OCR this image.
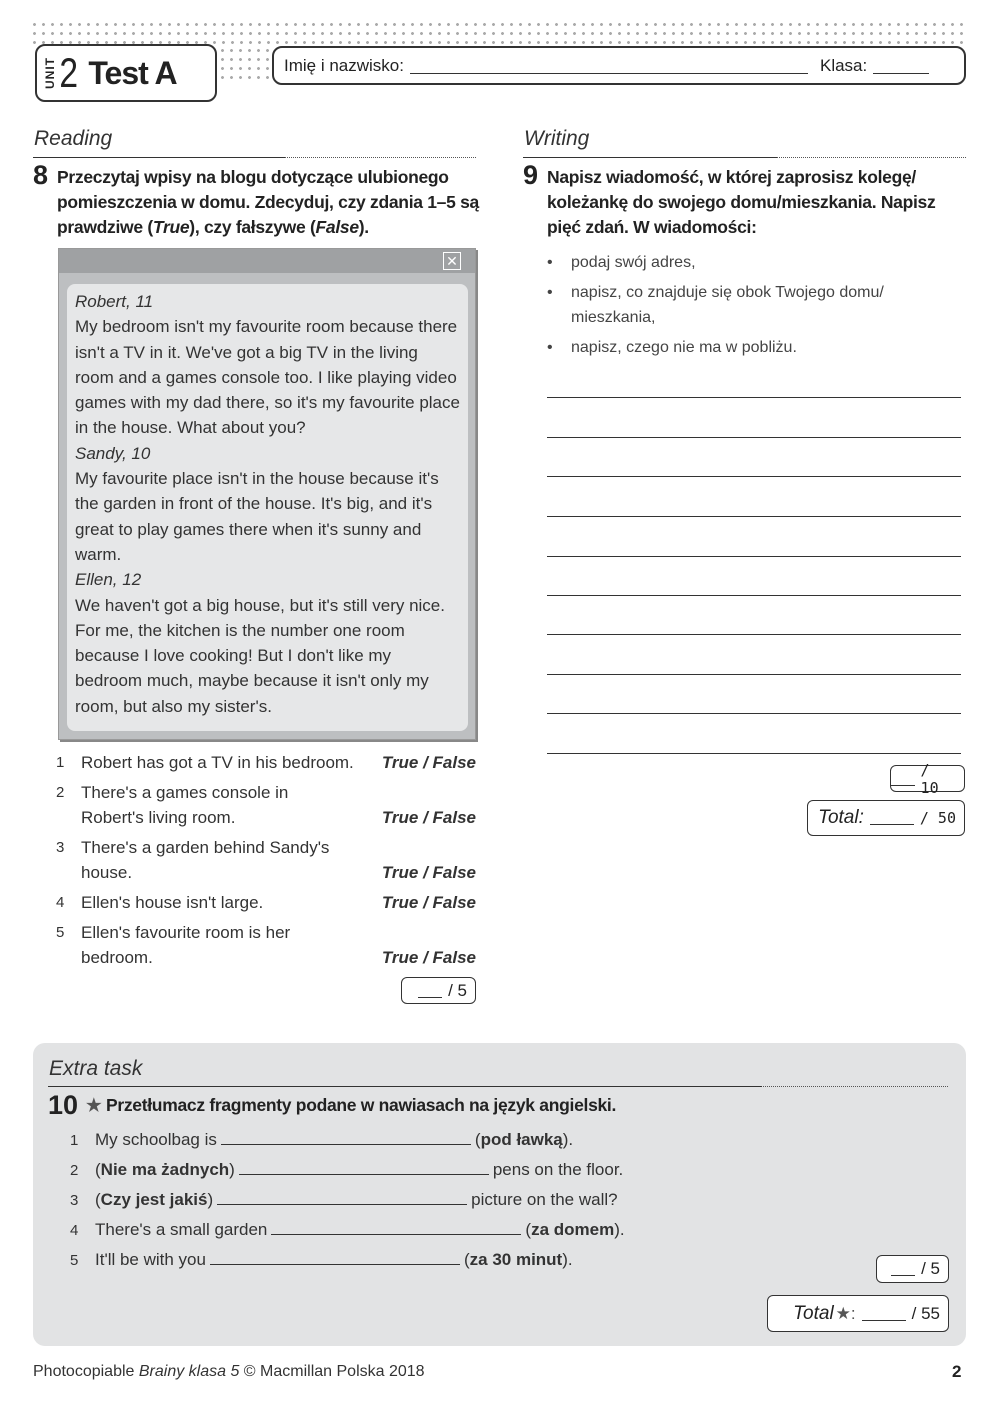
UNIT 2 Test A	Imię i nazwisko:	Klasa:
Reading
8 Przeczytaj wpisy na blogu dotyczące ulubionego pomieszczenia w domu. Zdecyduj, czy zdania 1–5 są prawdziwe (True), czy fałszywe (False).
✕
Robert, 11
My bedroom isn't my favourite room because there isn't a TV in it. We've got a big TV in the living room and a games console too. I like playing video games with my dad there, so it's my favourite place in the house. What about you?
Sandy, 10
My favourite place isn't in the house because it's the garden in front of the house. It's big, and it's great to play games there when it's sunny and warm.
Ellen, 12
We haven't got a big house, but it's still very nice. For me, the kitchen is the number one room because I love cooking! But I don't like my bedroom much, maybe because it isn't only my room, but also my sister's.
1 Robert has got a TV in his bedroom.	True / False
2 There's a games console in Robert's living room.	True / False
3 There's a garden behind Sandy's house.	True / False
4 Ellen's house isn't large.	True / False
5 Ellen's favourite room is her bedroom.	True / False
/ 5
Writing
9 Napisz wiadomość, w której zaprosisz kolegę/ koleżankę do swojego domu/mieszkania. Napisz pięć zdań. W wiadomości:
•	podaj swój adres,
•	napisz, co znajduje się obok Twojego domu/ mieszkania,
•	napisz, czego nie ma w pobliżu.
/ 10
Total:	/ 50
Extra task
10 ★ Przetłumacz fragmenty podane w nawiasach na język angielski.
1 My schoolbag is	(pod ławką).
2 (Nie ma żadnych)	pens on the floor.
3 (Czy jest jakiś)	picture on the wall?
4 There's a small garden	(za domem).
5 It'll be with you	(za 30 minut).	/ 5
Total ★:	/ 55
Photocopiable Brainy klasa 5 © Macmillan Polska 2018	2
